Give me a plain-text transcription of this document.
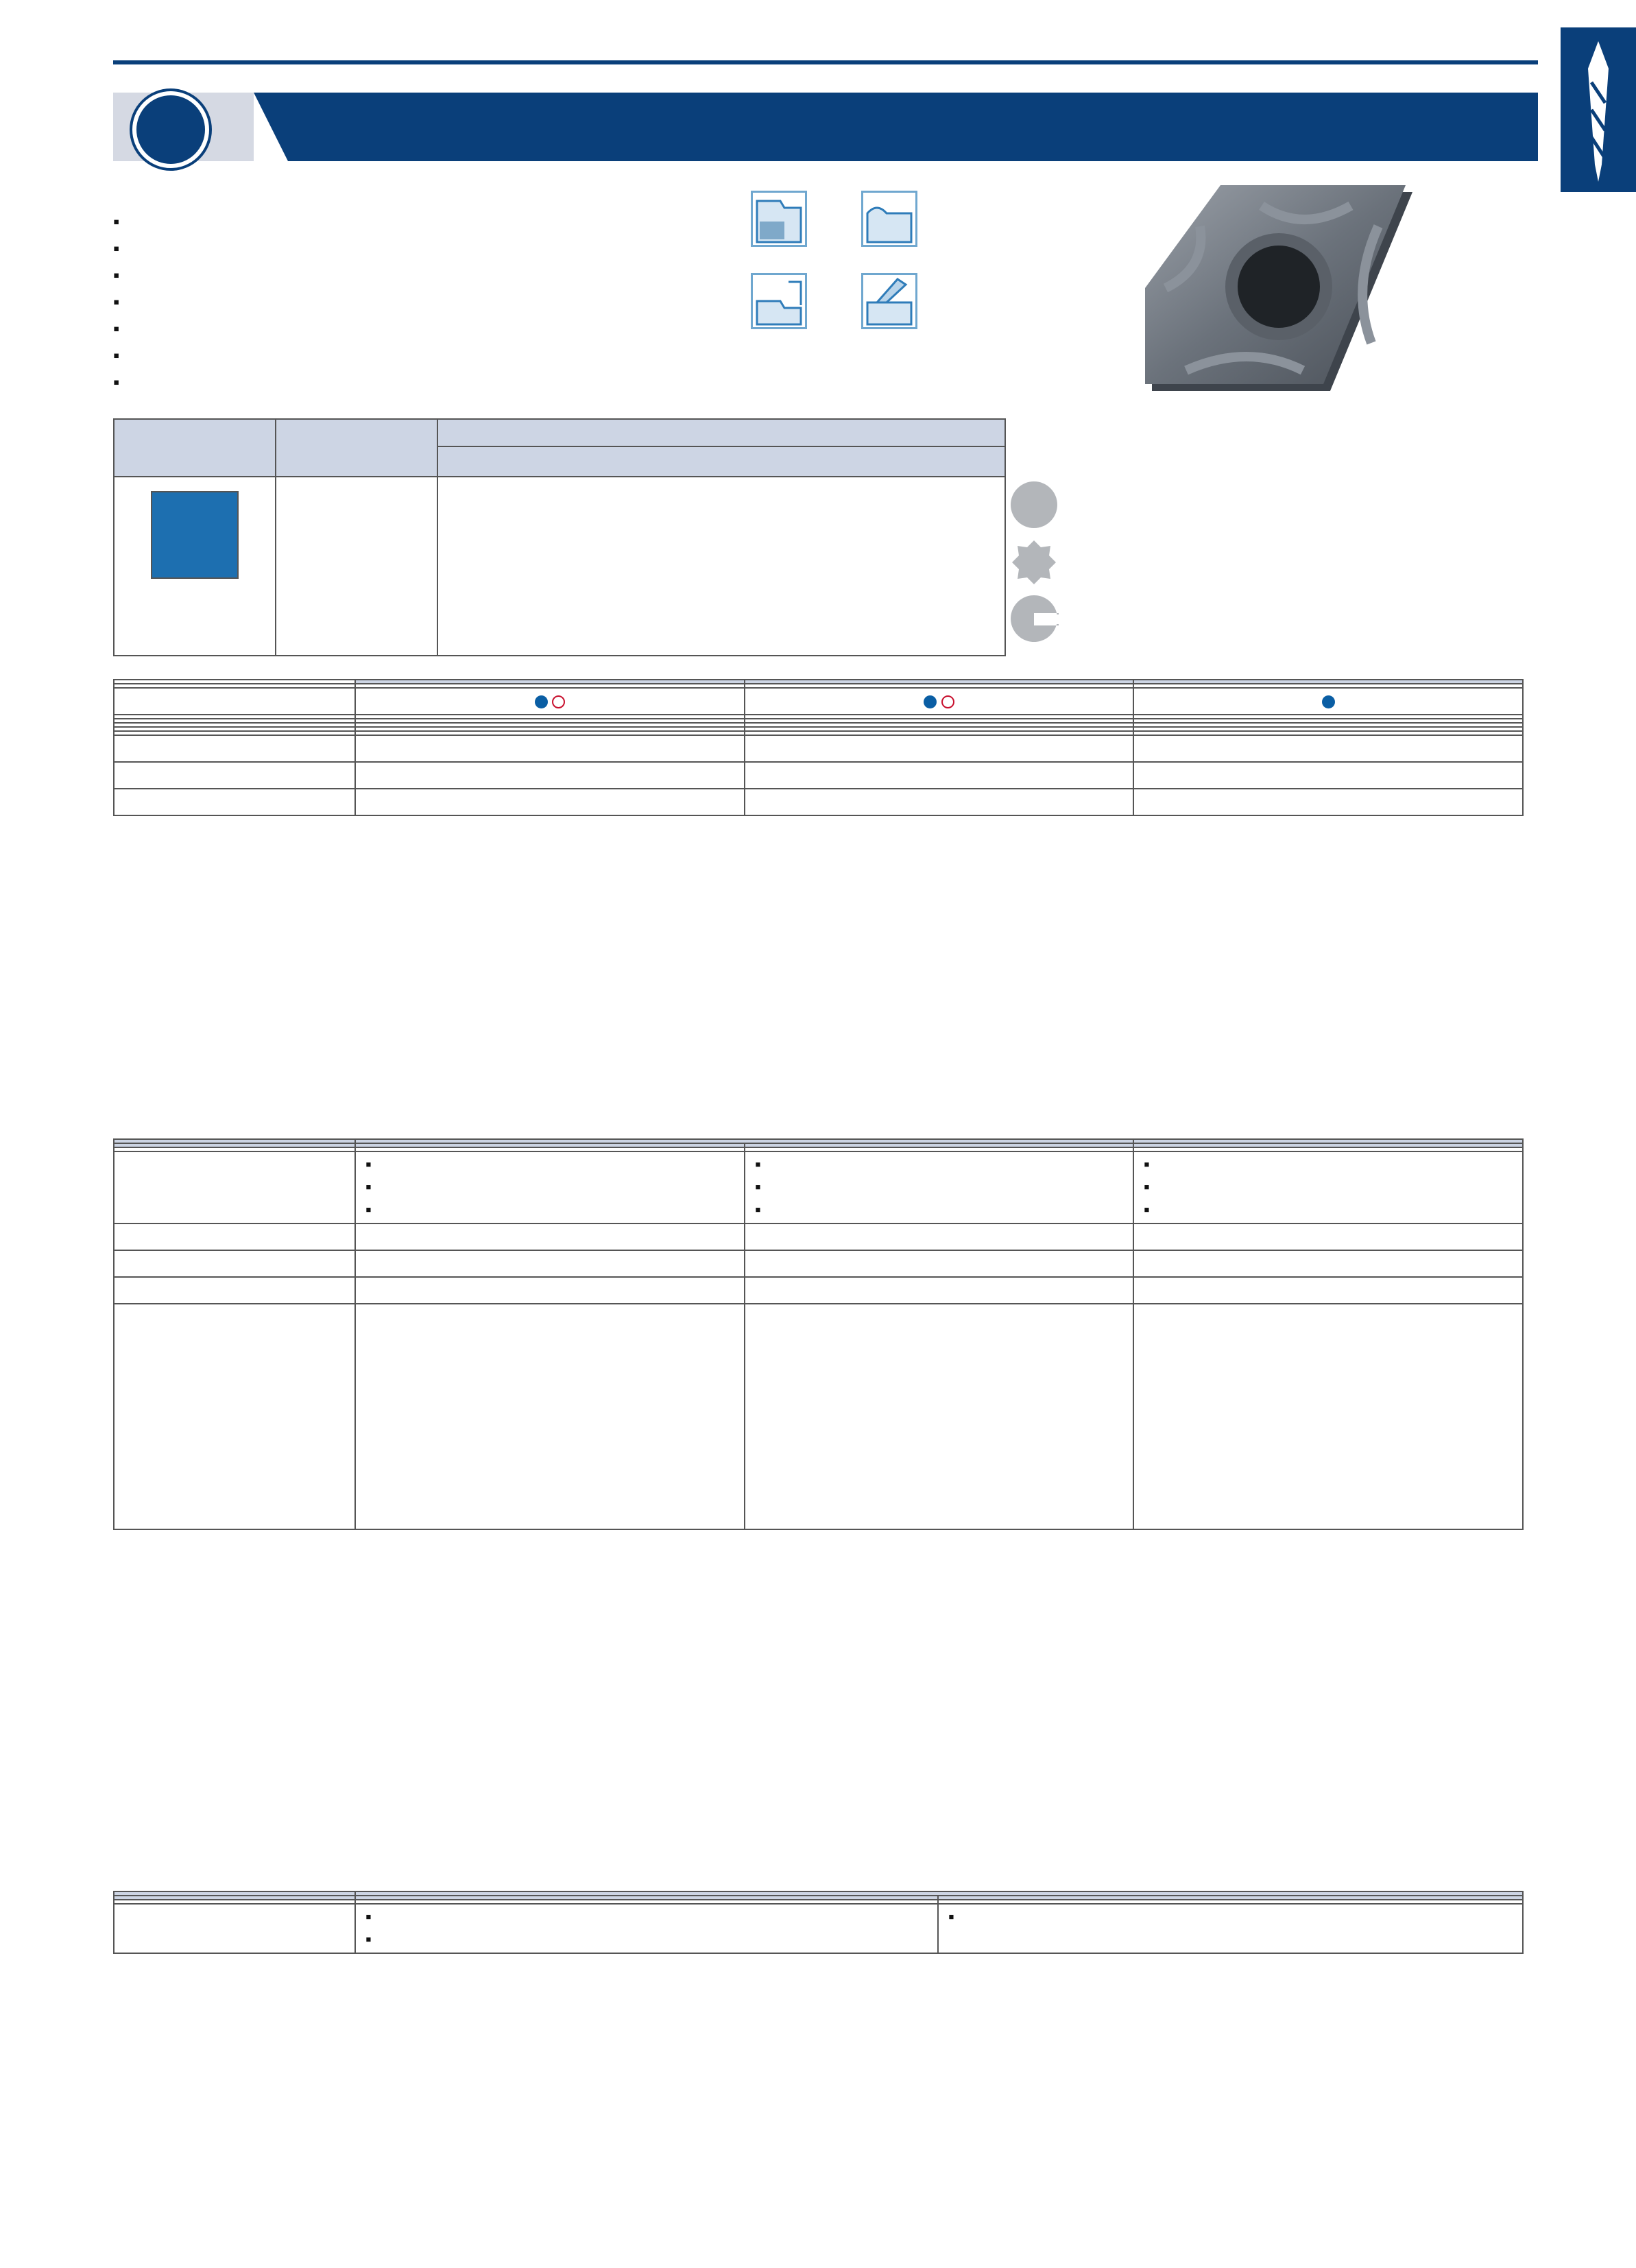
▪
▪
▪
▪
▪
▪
▪

▪
▪
▪

▪
▪
▪

▪
▪
▪

▪
▪

▪
